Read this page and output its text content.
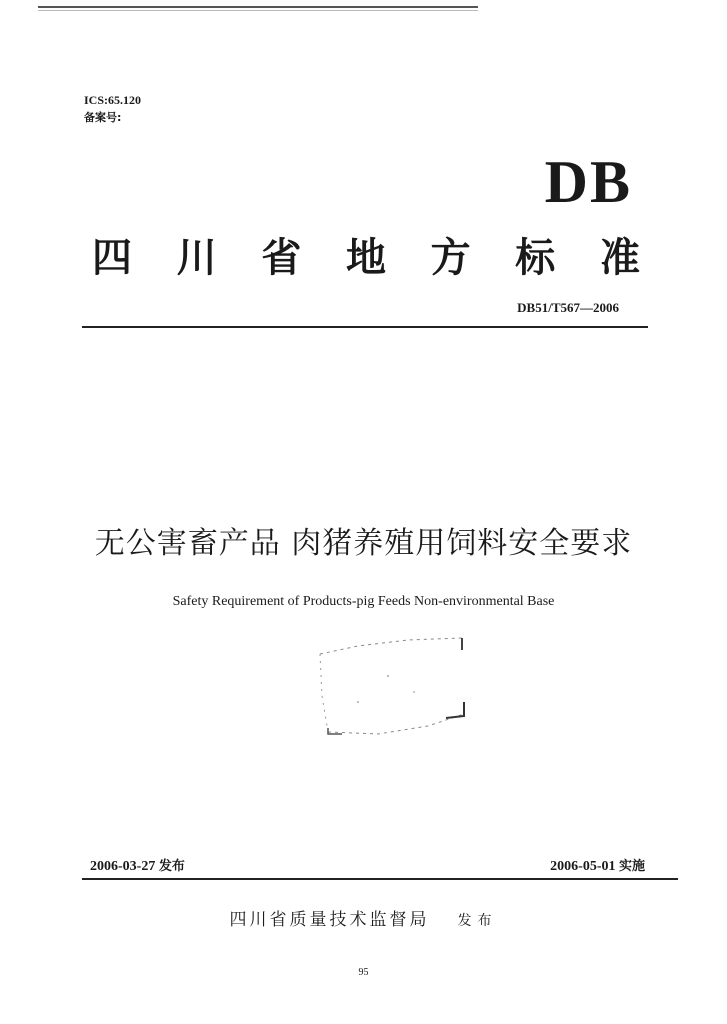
ICS:65.120
备案号:
DB
四 川 省 地 方 标 准
DB51/T567—2006
无公害畜产品 肉猪养殖用饲料安全要求
Safety Requirement of Products-pig Feeds Non-environmental Base
2006-03-27 发布	2006-05-01 实施
四川省质量技术监督局 发布
95
